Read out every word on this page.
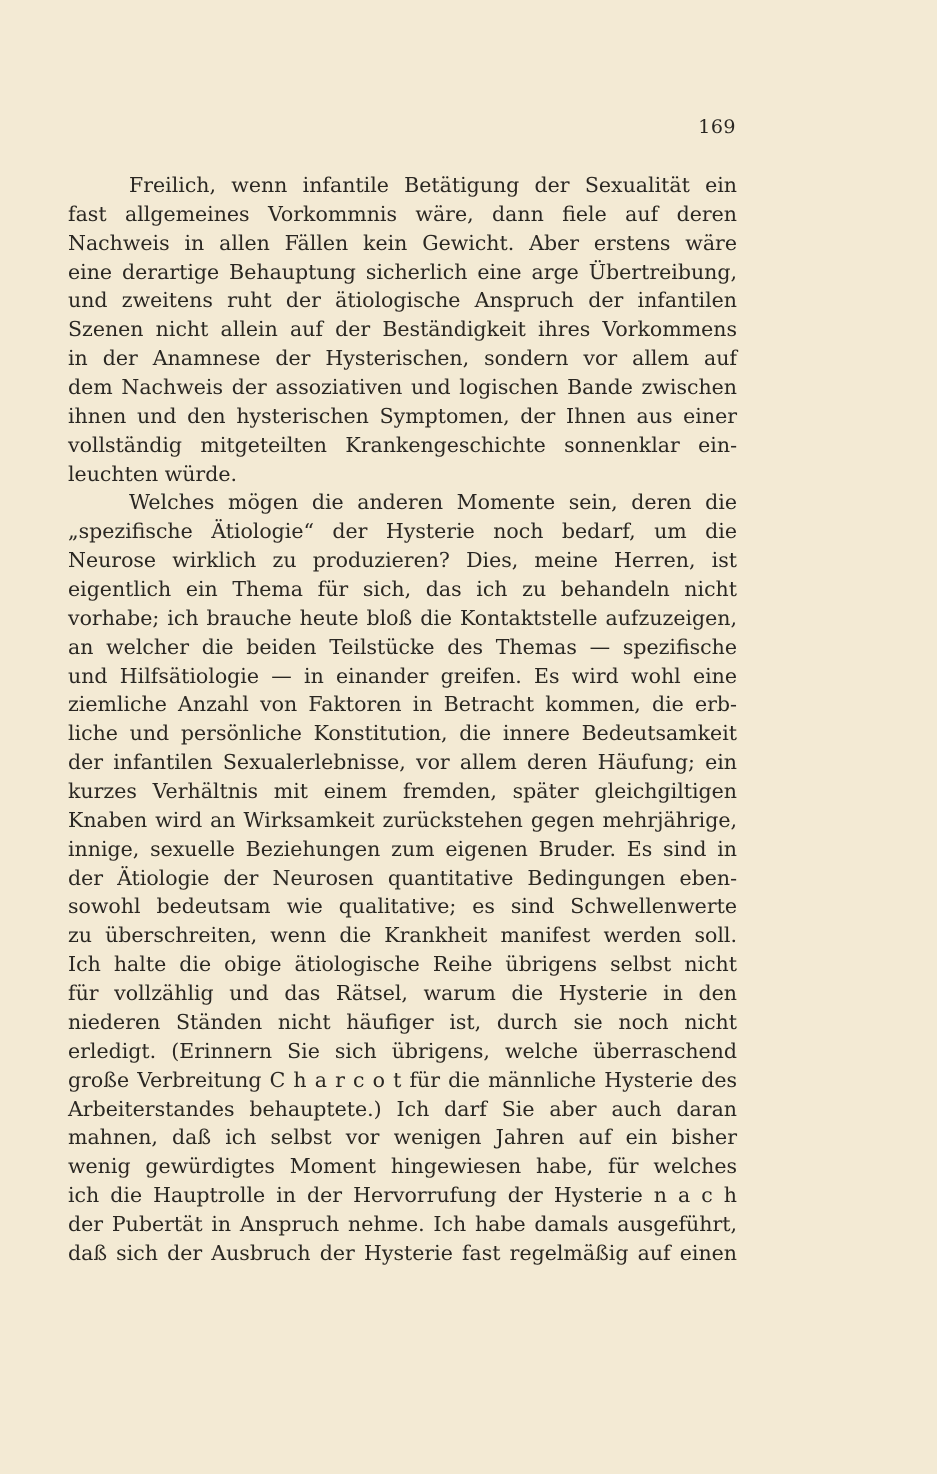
169
Freilich, wenn infantile Betätigung der Sexualität ein
fast allgemeines Vorkommnis wäre, dann fiele auf deren
Nachweis in allen Fällen kein Gewicht. Aber erstens wäre
eine derartige Behauptung sicherlich eine arge Übertreibung,
und zweitens ruht der ätiologische Anspruch der infantilen
Szenen nicht allein auf der Beständigkeit ihres Vorkommens
in der Anamnese der Hysterischen, sondern vor allem auf
dem Nachweis der assoziativen und logischen Bande zwischen
ihnen und den hysterischen Symptomen, der Ihnen aus einer
vollständig mitgeteilten Krankengeschichte sonnenklar ein-
leuchten würde.
Welches mögen die anderen Momente sein, deren die
„spezifische Ätiologie“ der Hysterie noch bedarf, um die
Neurose wirklich zu produzieren? Dies, meine Herren, ist
eigentlich ein Thema für sich, das ich zu behandeln nicht
vorhabe; ich brauche heute bloß die Kontaktstelle aufzuzeigen,
an welcher die beiden Teilstücke des Themas — spezifische
und Hilfsätiologie — in einander greifen. Es wird wohl eine
ziemliche Anzahl von Faktoren in Betracht kommen, die erb-
liche und persönliche Konstitution, die innere Bedeutsamkeit
der infantilen Sexualerlebnisse, vor allem deren Häufung; ein
kurzes Verhältnis mit einem fremden, später gleichgiltigen
Knaben wird an Wirksamkeit zurückstehen gegen mehrjährige,
innige, sexuelle Beziehungen zum eigenen Bruder. Es sind in
der Ätiologie der Neurosen quantitative Bedingungen eben-
sowohl bedeutsam wie qualitative; es sind Schwellenwerte
zu überschreiten, wenn die Krankheit manifest werden soll.
Ich halte die obige ätiologische Reihe übrigens selbst nicht
für vollzählig und das Rätsel, warum die Hysterie in den
niederen Ständen nicht häufiger ist, durch sie noch nicht
erledigt. (Erinnern Sie sich übrigens, welche überraschend
große Verbreitung C h a r c o t für die männliche Hysterie des
Arbeiterstandes behauptete.) Ich darf Sie aber auch daran
mahnen, daß ich selbst vor wenigen Jahren auf ein bisher
wenig gewürdigtes Moment hingewiesen habe, für welches
ich die Hauptrolle in der Hervorrufung der Hysterie n a c h
der Pubertät in Anspruch nehme. Ich habe damals ausgeführt,
daß sich der Ausbruch der Hysterie fast regelmäßig auf einen
